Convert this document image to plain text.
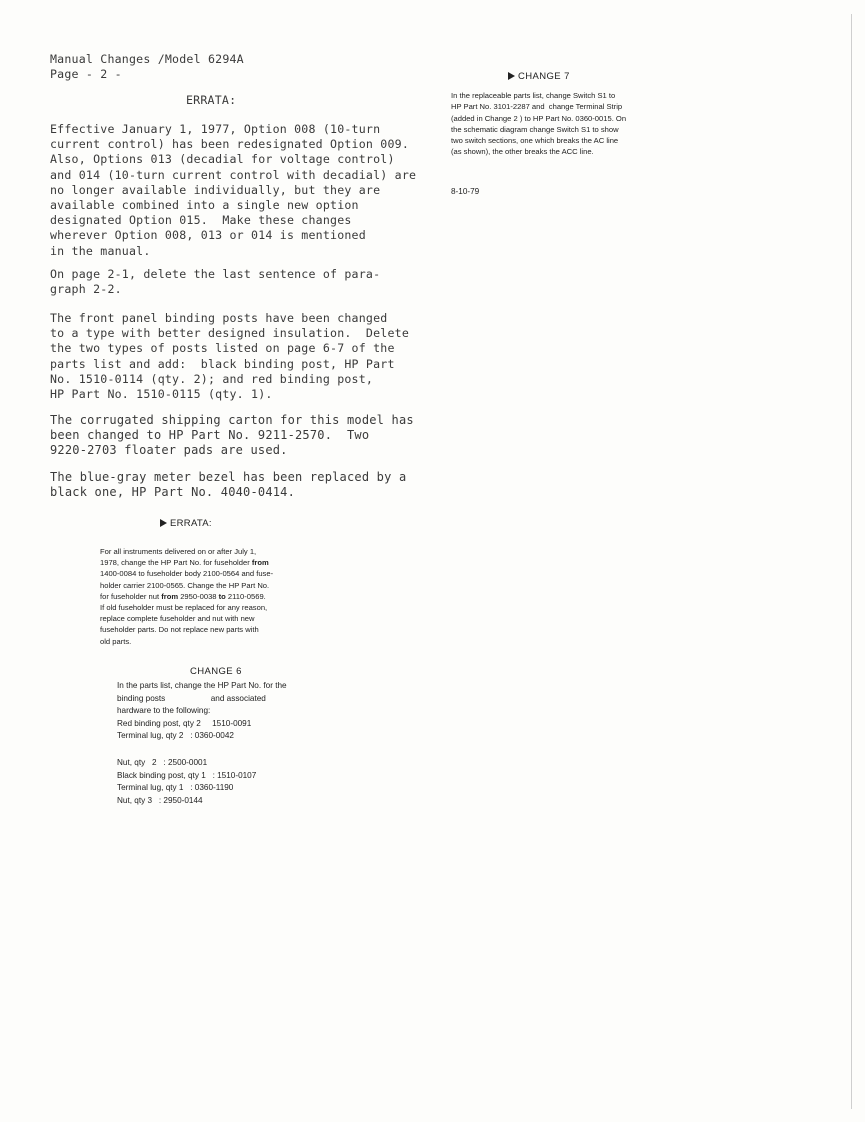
Manual Changes /Model 6294A
Page - 2 -
ERRATA:
Effective January 1, 1977, Option 008 (10-turn
current control) has been redesignated Option 009.
Also, Options 013 (decadial for voltage control)
and 014 (10-turn current control with decadial) are
no longer available individually, but they are
available combined into a single new option
designated Option 015.  Make these changes
wherever Option 008, 013 or 014 is mentioned
in the manual.
On page 2-1, delete the last sentence of para-
graph 2-2.
The front panel binding posts have been changed
to a type with better designed insulation.  Delete
the two types of posts listed on page 6-7 of the
parts list and add:  black binding post, HP Part
No. 1510-0114 (qty. 2); and red binding post,
HP Part No. 1510-0115 (qty. 1).
The corrugated shipping carton for this model has
been changed to HP Part No. 9211-2570.  Two
9220-2703 floater pads are used.
The blue-gray meter bezel has been replaced by a
black one, HP Part No. 4040-0414.
ERRATA:
For all instruments delivered on or after July 1,
1978, change the HP Part No. for fuseholder from
1400-0084 to fuseholder body 2100-0564 and fuse-
holder carrier 2100-0565. Change the HP Part No.
for fuseholder nut from 2950-0038 to 2110-0569.
If old fuseholder must be replaced for any reason,
replace complete fuseholder and nut with new
fuseholder parts. Do not replace new parts with
old parts.
CHANGE 6
In the parts list, change the HP Part No. for the
binding posts                    and associated
hardware to the following:
Red binding post, qty 2     1510-0091
Terminal lug, qty 2   : 0360-0042
Nut, qty   2   : 2500-0001
Black binding post, qty 1   : 1510-0107
Terminal lug, qty 1   : 0360-1190
Nut, qty 3   : 2950-0144
CHANGE 7
In the replaceable parts list, change Switch S1 to
HP Part No. 3101-2287 and  change Terminal Strip
(added in Change 2 ) to HP Part No. 0360-0015. On
the schematic diagram change Switch S1 to show
two switch sections, one which breaks the AC line
(as shown), the other breaks the ACC line.
8-10-79
